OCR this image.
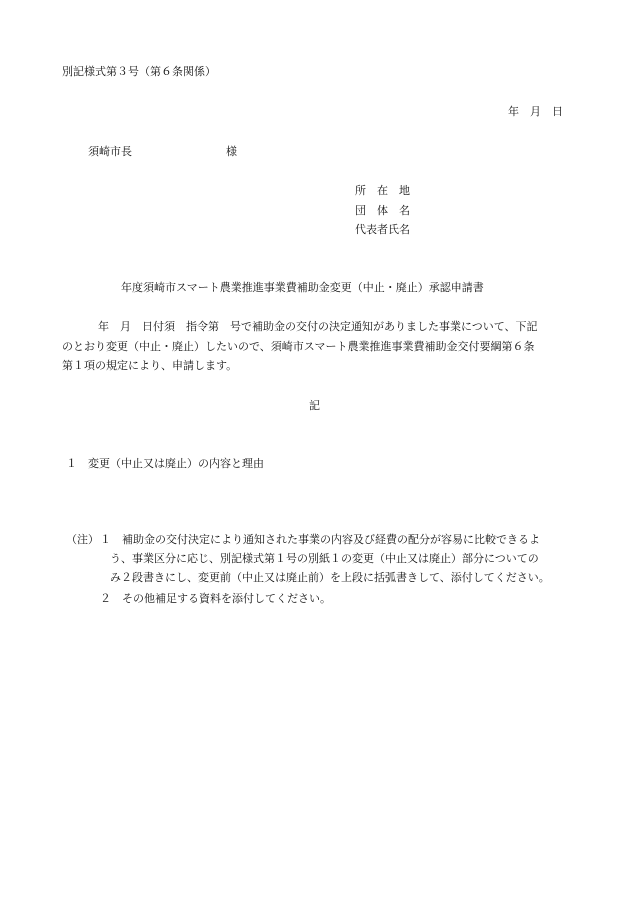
別記様式第３号（第６条関係）
年　月　日
須崎市長	様
所　在　地
団　体　名
代表者氏名
年度須崎市スマート農業推進事業費補助金変更（中止・廃止）承認申請書
年　月　日付須　指令第　号で補助金の交付の決定通知がありました事業について、下記
のとおり変更（中止・廃止）したいので、須崎市スマート農業推進事業費補助金交付要綱第６条
第１項の規定により、申請します。
記
１　変更（中止又は廃止）の内容と理由
（注） １ 補助金の交付決定により通知された事業の内容及び経費の配分が容易に比較できるよ
う、事業区分に応じ、別記様式第１号の別紙１の変更（中止又は廃止）部分についての
み２段書きにし、変更前（中止又は廃止前）を上段に括弧書きして、添付してください。
２ その他補足する資料を添付してください。
